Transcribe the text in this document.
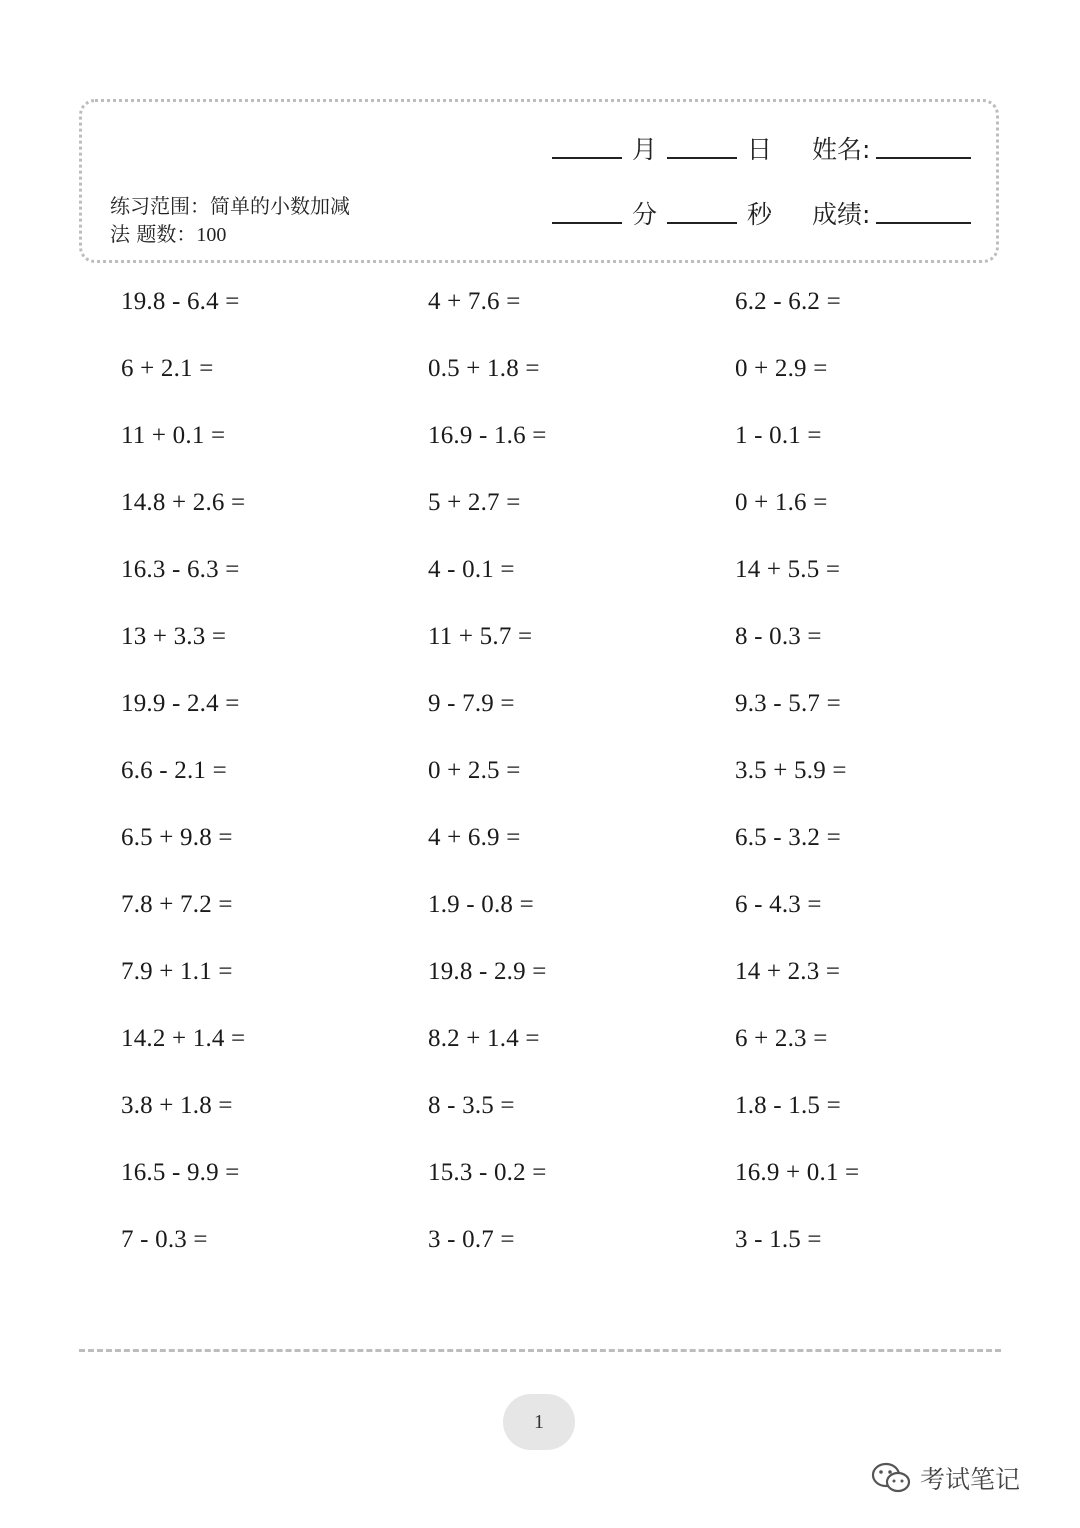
月	日 姓名:
分	秒 成绩:
练习范围：简单的小数加减
法 题数：100
19.8 - 6.4 =	4 + 7.6 =	6.2 - 6.2 =
6 + 2.1 =	0.5 + 1.8 =	0 + 2.9 =
11 + 0.1 =	16.9 - 1.6 =	1 - 0.1 =
14.8 + 2.6 =	5 + 2.7 =	0 + 1.6 =
16.3 - 6.3 =	4 - 0.1 =	14 + 5.5 =
13 + 3.3 =	11 + 5.7 =	8 - 0.3 =
19.9 - 2.4 =	9 - 7.9 =	9.3 - 5.7 =
6.6 - 2.1 =	0 + 2.5 =	3.5 + 5.9 =
6.5 + 9.8 =	4 + 6.9 =	6.5 - 3.2 =
7.8 + 7.2 =	1.9 - 0.8 =	6 - 4.3 =
7.9 + 1.1 =	19.8 - 2.9 =	14 + 2.3 =
14.2 + 1.4 =	8.2 + 1.4 =	6 + 2.3 =
3.8 + 1.8 =	8 - 3.5 =	1.8 - 1.5 =
16.5 - 9.9 =	15.3 - 0.2 =	16.9 + 0.1 =
7 - 0.3 =	3 - 0.7 =	3 - 1.5 =
1
考试笔记
